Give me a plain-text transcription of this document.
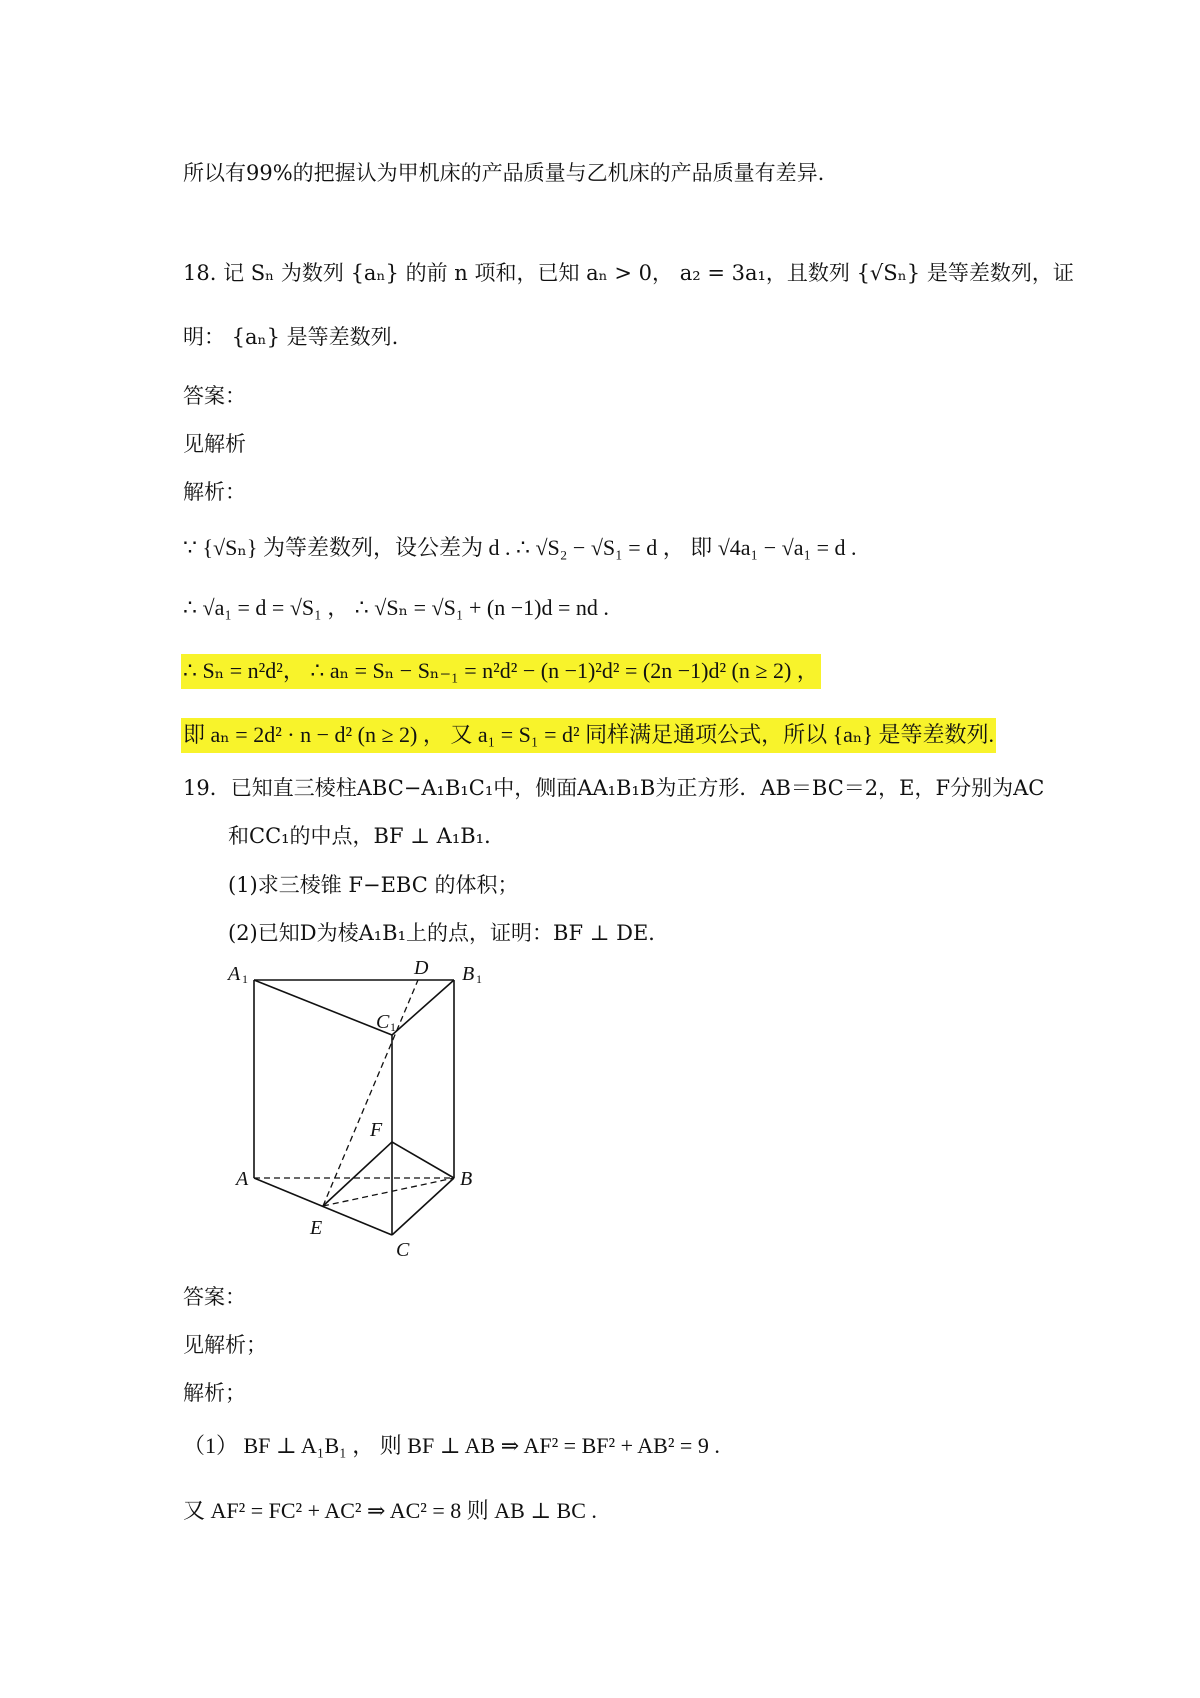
所以有99%的把握认为甲机床的产品质量与乙机床的产品质量有差异.
18. 记 Sₙ 为数列 {aₙ} 的前 n 项和，已知 aₙ > 0， a₂ = 3a₁，且数列 {√Sₙ} 是等差数列，证
明： {aₙ} 是等差数列.
答案：
见解析
解析：
∵ {√Sₙ} 为等差数列，设公差为 d . ∴ √S₂ − √S₁ = d ， 即 √4a₁ − √a₁ = d .
∴ √a₁ = d = √S₁ ， ∴ √Sₙ = √S₁ + (n −1)d = nd .
∴ Sₙ = n²d²， ∴ aₙ = Sₙ − Sₙ₋₁ = n²d² − (n −1)²d² = (2n −1)d² (n ≥ 2) ，
即 aₙ = 2d² · n − d² (n ≥ 2) ， 又 a₁ = S₁ = d² 同样满足通项公式，所以 {aₙ} 是等差数列.
19．已知直三棱柱ABC−A₁B₁C₁中，侧面AA₁B₁B为正方形．AB＝BC＝2，E，F分别为AC
和CC₁的中点，BF ⊥ A₁B₁．
(1)求三棱锥 F−EBC 的体积；
(2)已知D为棱A₁B₁上的点，证明：BF ⊥ DE．
A 1	B 1
C 1
D
F
A	B
E
C
答案：
见解析；
解析；
（1） BF ⊥ A₁B₁ ， 则 BF ⊥ AB ⇒ AF² = BF² + AB² = 9 .
又 AF² = FC² + AC² ⇒ AC² = 8 则 AB ⊥ BC .
